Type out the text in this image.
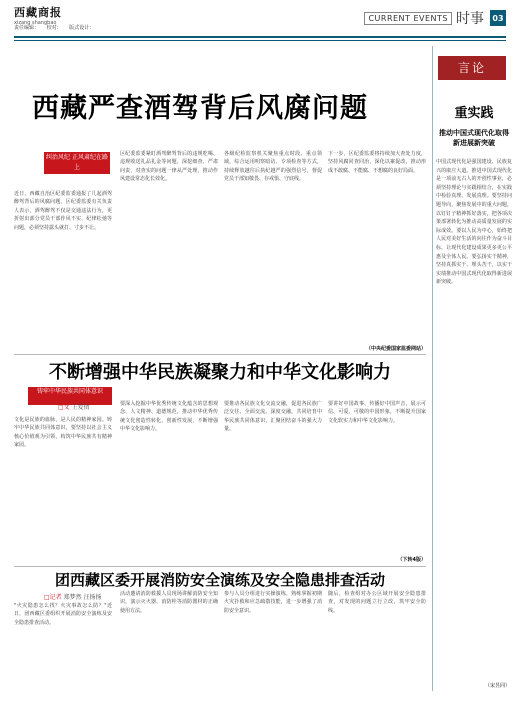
西藏商报
xizang shangbao
责任编辑： 校对： 版式设计：
CURRENT EVENTS 时事	03
西藏严查酒驾背后风腐问题
纠治风纪 正风肃纪在路上
近日，西藏自治区纪委监委通报了几起酒驾醉驾背后的风腐问题。区纪委监委有关负责人表示，酒驾醉驾不仅是交通违法行为，更折射出部分党员干部作风不实、纪律松弛等问题，必须坚持露头就打、寸步不让。
区纪委监委紧盯酒驾醉驾背后的违规吃喝、违规收送礼品礼金等问题，深挖细查、严肃问责，对查实的问题一律从严处理，推动作风建设常态化长效化。
各级纪检监察机关聚焦重点时段、重点领域，综合运用明察暗访、专项检查等方式，持续释放越往后执纪越严的强烈信号，督促党员干部知敬畏、存戒惧、守底线。
下一步，区纪委监委将持续加大查处力度，坚持风腐同查同治，深化以案促改，推动形成不敢腐、不能腐、不想腐的良好局面。
（中央纪委国家监委网站）
不断增强中华民族凝聚力和中华文化影响力
铸牢中华民族共同体意识
□文 王爱倩
文化是民族的血脉，是人民的精神家园。铸牢中华民族共同体意识，要坚持以社会主义核心价值观为引领，构筑中华民族共有精神家园。
要深入挖掘中华优秀传统文化蕴含的思想观念、人文精神、道德规范，推动中华优秀传统文化创造性转化、创新性发展，不断增强中华文化影响力。
要推动各民族文化交流交融，促进各民族广泛交往、全面交流、深度交融，共同培育中华民族共同体意识，汇聚团结奋斗的强大力量。
要讲好中国故事、传播好中国声音，展示可信、可爱、可敬的中国形象，不断提升国家文化软实力和中华文化影响力。
（下转4版）
团西藏区委开展消防安全演练及安全隐患排查活动
□记者 郑梦然 汪扬扬
"火灾隐患怎么找？火灾事故怎么防？"近日，团西藏区委组织开展消防安全演练及安全隐患排查活动。
活动邀请消防救援人员现场讲解消防安全知识，演示灭火器、消防栓等消防器材的正确使用方法。
参与人员分组进行实操演练，熟练掌握初期火灾扑救和应急疏散技能，进一步增强了消防安全意识。
随后，检查组对办公区域开展安全隐患排查，对发现的问题立行立改，筑牢安全防线。
言论
重实践
推动中国式现代化取得新进展新突破
中国式现代化是强国建设、民族复兴的康庄大道。推进中国式现代化是一项前无古人的开创性事业，必须坚持理论与实践相结合，在实践中检验真理、发展真理。要坚持问题导向，聚焦发展中的重大问题，以钉钉子精神抓好落实，把各项决策部署转化为推动高质量发展的实际成效。要以人民为中心，始终把人民对美好生活的向往作为奋斗目标，让现代化建设成果更多更公平惠及全体人民。要弘扬实干精神，坚持真抓实干、埋头苦干，以实干实绩推动中国式现代化取得新进展新突破。
（宋昱同）
